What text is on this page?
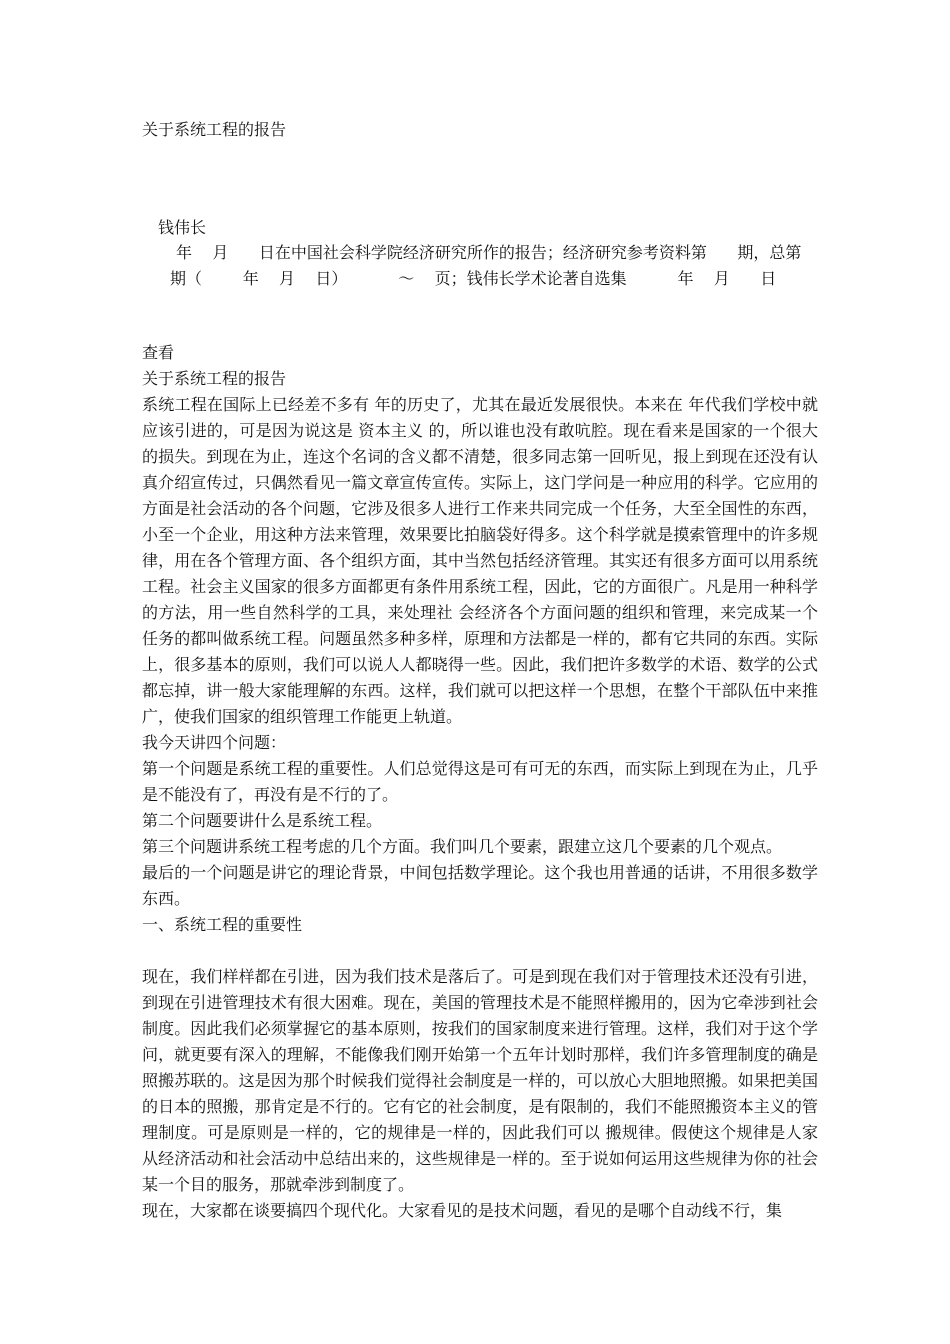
关于系统工程的报告
钱伟长
年    月      日在中国社会科学院经济研究所作的报告；经济研究参考资料第      期，总第
期（        年    月    日）          ～    页；钱伟长学术论著自选集          年    月      日

查看

关于系统工程的报告

系统工程在国际上已经差不多有 年的历史了，尤其在最近发展很快。本来在 年代我们学校中就应该引进的，可是因为说这是 资本主义 的，所以谁也没有敢吭腔。现在看来是国家的一个很大的损失。到现在为止，连这个名词的含义都不清楚，很多同志第一回听见，报上到现在还没有认真介绍宣传过，只偶然看见一篇文章宣传宣传。实际上，这门学问是一种应用的科学。它应用的方面是社会活动的各个问题，它涉及很多人进行工作来共同完成一个任务，大至全国性的东西，小至一个企业，用这种方法来管理，效果要比拍脑袋好得多。这个科学就是摸索管理中的许多规律，用在各个管理方面、各个组织方面，其中当然包括经济管理。其实还有很多方面可以用系统工程。社会主义国家的很多方面都更有条件用系统工程，因此，它的方面很广。凡是用一种科学的方法，用一些自然科学的工具，来处理社 会经济各个方面问题的组织和管理，来完成某一个任务的都叫做系统工程。问题虽然多种多样，原理和方法都是一样的，都有它共同的东西。实际上，很多基本的原则，我们可以说人人都晓得一些。因此，我们把许多数学的术语、数学的公式都忘掉，讲一般大家能理解的东西。这样，我们就可以把这样一个思想，在整个干部队伍中来推广，使我们国家的组织管理工作能更上轨道。

我今天讲四个问题：

第一个问题是系统工程的重要性。人们总觉得这是可有可无的东西，而实际上到现在为止，几乎是不能没有了，再没有是不行的了。

第二个问题要讲什么是系统工程。

第三个问题讲系统工程考虑的几个方面。我们叫几个要素，跟建立这几个要素的几个观点。

最后的一个问题是讲它的理论背景，中间包括数学理论。这个我也用普通的话讲，不用很多数学东西。

一、系统工程的重要性

现在，我们样样都在引进，因为我们技术是落后了。可是到现在我们对于管理技术还没有引进，到现在引进管理技术有很大困难。现在，美国的管理技术是不能照样搬用的，因为它牵涉到社会制度。因此我们必须掌握它的基本原则，按我们的国家制度来进行管理。这样，我们对于这个学问，就更要有深入的理解，不能像我们刚开始第一个五年计划时那样，我们许多管理制度的确是照搬苏联的。这是因为那个时候我们觉得社会制度是一样的，可以放心大胆地照搬。如果把美国的日本的照搬，那肯定是不行的。它有它的社会制度，是有限制的，我们不能照搬资本主义的管理制度。可是原则是一样的，它的规律是一样的，因此我们可以 搬规律。假使这个规律是人家从经济活动和社会活动中总结出来的，这些规律是一样的。至于说如何运用这些规律为你的社会某一个目的服务，那就牵涉到制度了。

现在，大家都在谈要搞四个现代化。大家看见的是技术问题，看见的是哪个自动线不行，集
